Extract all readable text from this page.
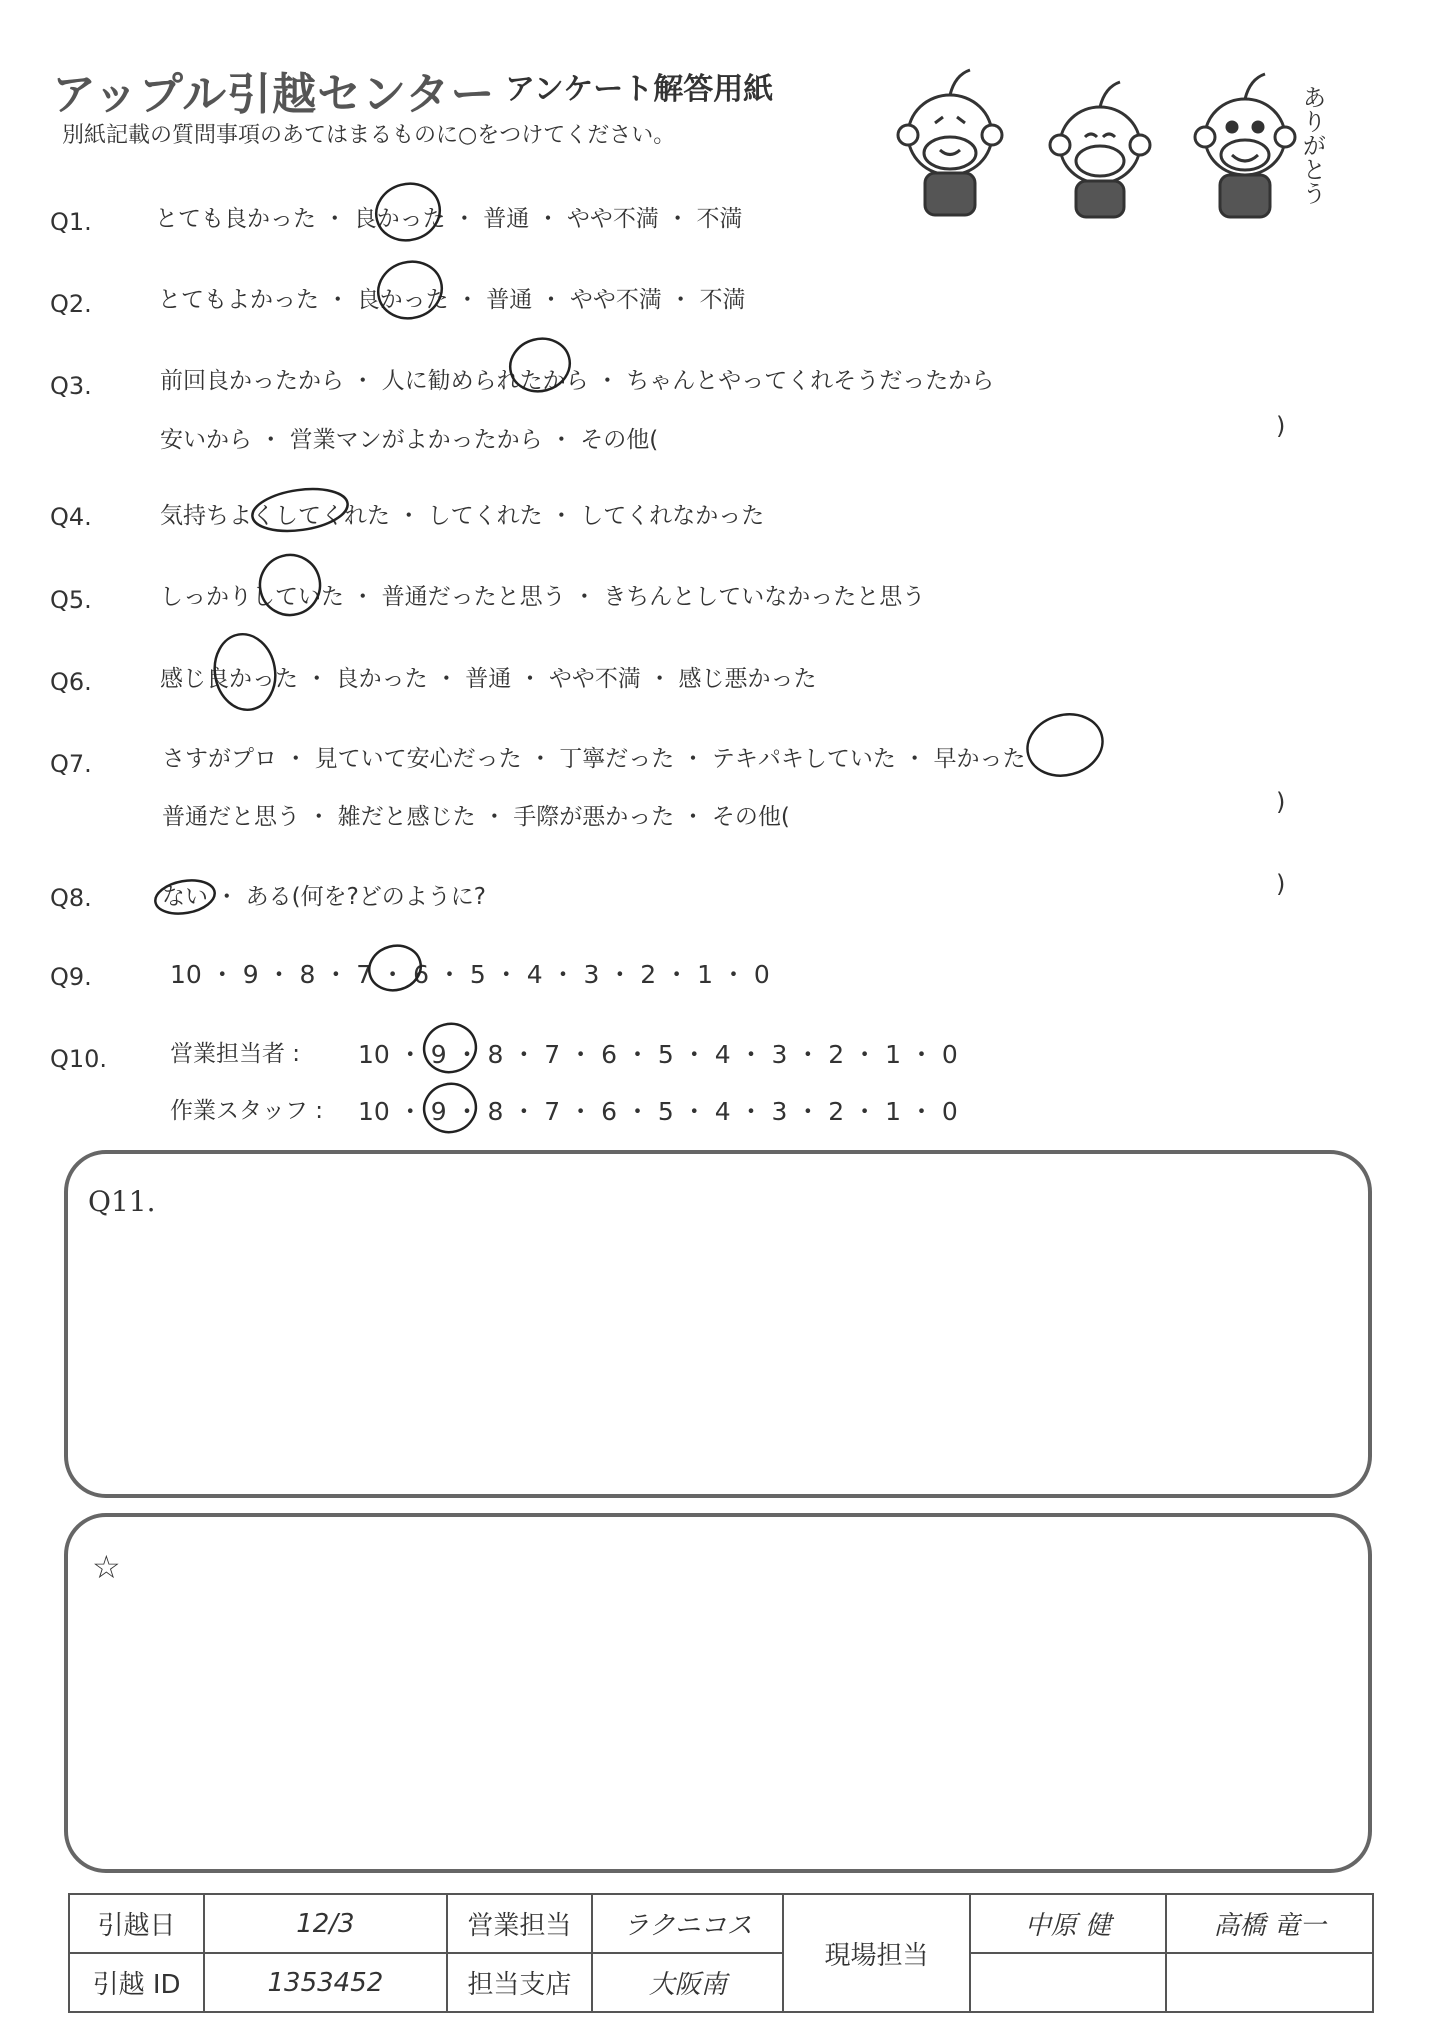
アップル引越センター アンケート解答用紙
別紙記載の質問事項のあてはまるものに○をつけてください。	ありがとう
Q1.	とても良かった ・ 良かった ・ 普通 ・ やや不満 ・ 不満
Q2.	とてもよかった ・ 良かった ・ 普通 ・ やや不満 ・ 不満
Q3.	前回良かったから ・ 人に勧められたから ・ ちゃんとやってくれそうだったから
安いから ・ 営業マンがよかったから ・ その他(	)
Q4.	気持ちよくしてくれた ・ してくれた ・ してくれなかった
Q5.	しっかりしていた ・ 普通だったと思う ・ きちんとしていなかったと思う
Q6.	感じ良かった ・ 良かった ・ 普通 ・ やや不満 ・ 感じ悪かった
Q7.	さすがプロ ・ 見ていて安心だった ・ 丁寧だった ・ テキパキしていた ・ 早かった
普通だと思う ・ 雑だと感じた ・ 手際が悪かった ・ その他(
)
Q8.	ない ・ ある(何を?どのように?	)
Q9.	10 ・ 9 ・ 8 ・ 7 ・ 6 ・ 5 ・ 4 ・ 3 ・ 2 ・ 1 ・ 0
Q10.	営業担当者 : 10 ・ 9 ・ 8 ・ 7 ・ 6 ・ 5 ・ 4 ・ 3 ・ 2 ・ 1 ・ 0
作業スタッフ : 10 ・ 9 ・ 8 ・ 7 ・ 6 ・ 5 ・ 4 ・ 3 ・ 2 ・ 1 ・ 0
Q11.
☆
引越日	12/3	営業担当	ラクニコス	現場担当	中原 健	高橋 竜一
引越 ID	1353452	担当支店	大阪南			
